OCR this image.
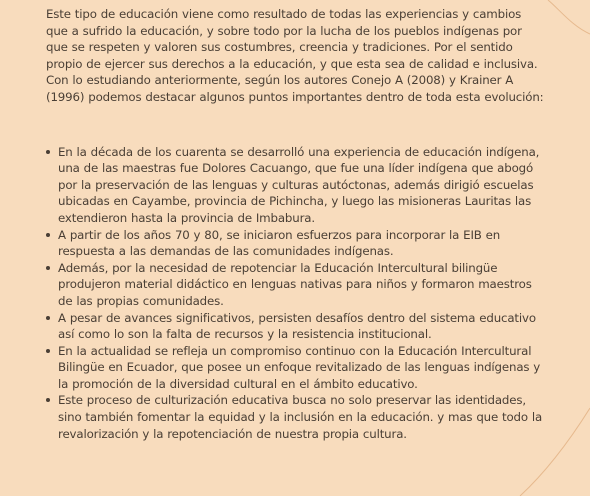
Este tipo de educación viene como resultado de todas las experiencias y cambios que a sufrido la educación, y sobre todo por la lucha de los pueblos indígenas por que se respeten y valoren sus costumbres, creencia y tradiciones. Por el sentido propio de ejercer sus derechos a la educación, y que esta sea de calidad e inclusiva. Con lo estudiando anteriormente, según los autores Conejo A (2008) y Krainer A (1996) podemos destacar algunos puntos importantes dentro de toda esta evolución:

En la década de los cuarenta se desarrolló una experiencia de educación indígena, una de las maestras fue Dolores Cacuango, que fue una líder indígena que abogó por la preservación de las lenguas y culturas autóctonas, además dirigió escuelas ubicadas en Cayambe, provincia de Pichincha, y luego las misioneras Lauritas las extendieron hasta la provincia de Imbabura.
A partir de los años 70 y 80, se iniciaron esfuerzos para incorporar la EIB en respuesta a las demandas de las comunidades indígenas.
Además, por la necesidad de repotenciar la Educación Intercultural bilingüe produjeron material didáctico en lenguas nativas para niños y formaron maestros de las propias comunidades.
A pesar de avances significativos, persisten desafíos dentro del sistema educativo así como lo son la falta de recursos y la resistencia institucional.
En la actualidad se refleja un compromiso continuo con la Educación Intercultural Bilingüe en Ecuador, que posee un enfoque revitalizado de las lenguas indígenas y la promoción de la diversidad cultural en el ámbito educativo.
Este proceso de culturización educativa busca no solo preservar las identidades, sino también fomentar la equidad y la inclusión en la educación. y mas que todo la revalorización y la repotenciación de nuestra propia cultura.
